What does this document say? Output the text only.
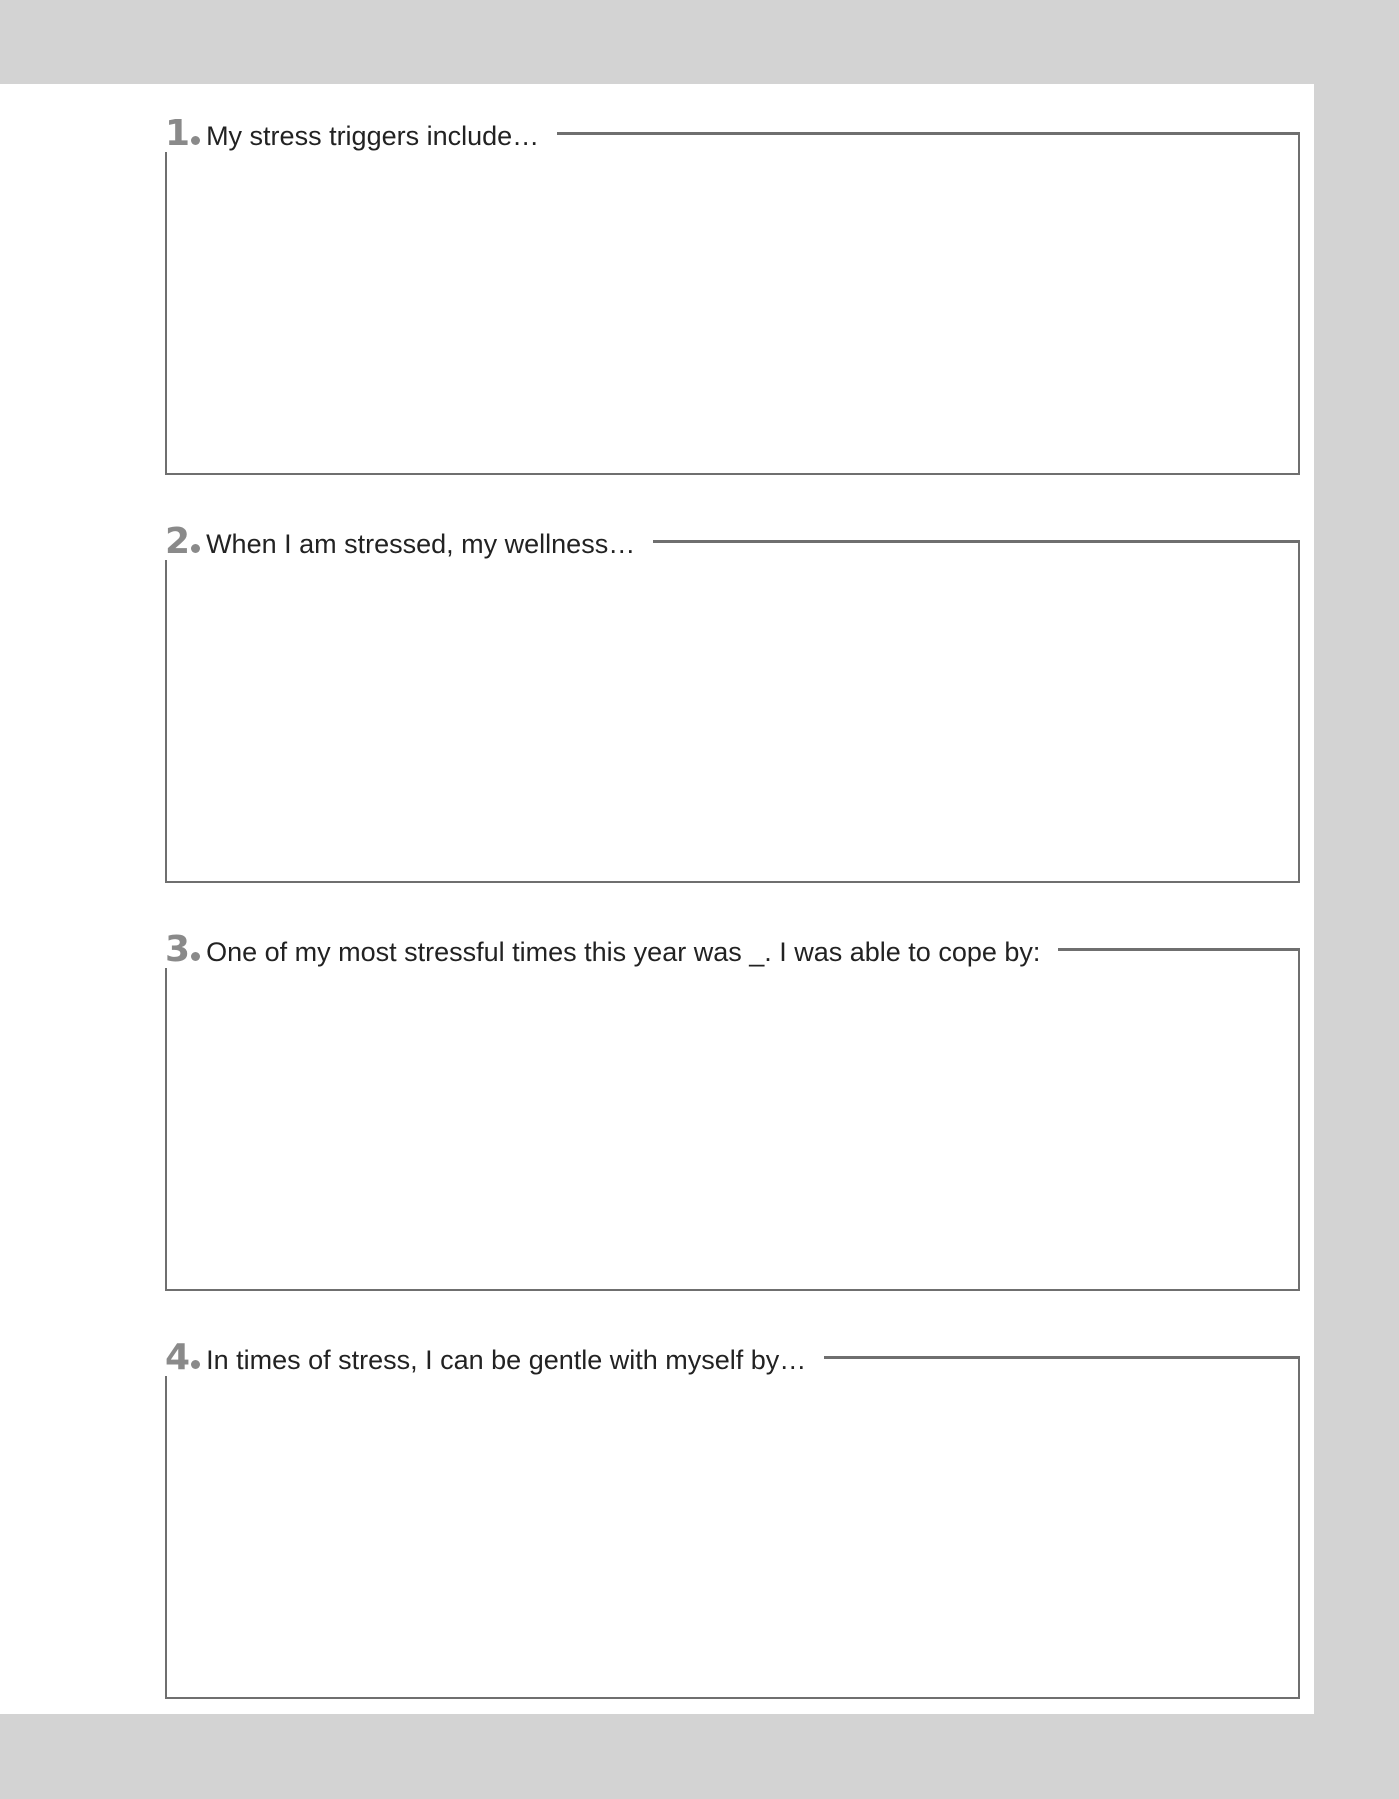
1 My stress triggers include…
2 When I am stressed, my wellness…
3 One of my most stressful times this year was _. I was able to cope by:
4 In times of stress, I can be gentle with myself by…
